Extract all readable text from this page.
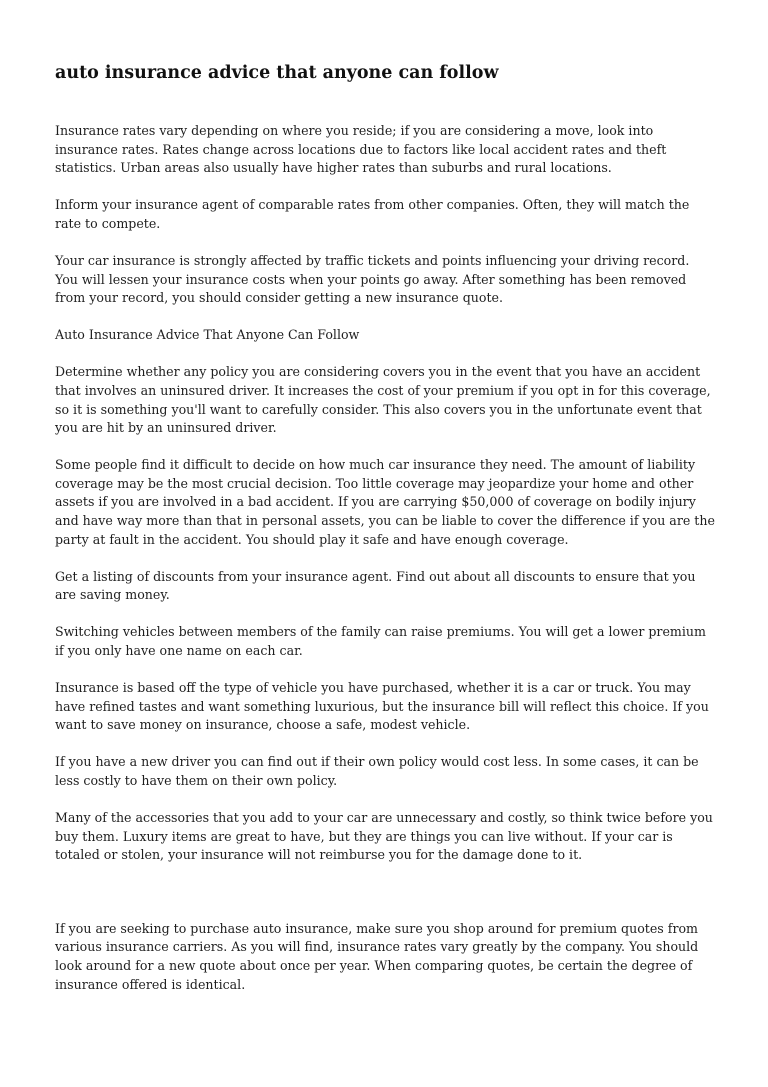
auto insurance advice that anyone can follow

Insurance rates vary depending on where you reside; if you are considering a move, look into insurance rates. Rates change across locations due to factors like local accident rates and theft statistics. Urban areas also usually have higher rates than suburbs and rural locations.

Inform your insurance agent of comparable rates from other companies. Often, they will match the rate to compete.

Your car insurance is strongly affected by traffic tickets and points influencing your driving record. You will lessen your insurance costs when your points go away. After something has been removed from your record, you should consider getting a new insurance quote.

Auto Insurance Advice That Anyone Can Follow

Determine whether any policy you are considering covers you in the event that you have an accident that involves an uninsured driver. It increases the cost of your premium if you opt in for this coverage, so it is something you'll want to carefully consider. This also covers you in the unfortunate event that you are hit by an uninsured driver.

Some people find it difficult to decide on how much car insurance they need. The amount of liability coverage may be the most crucial decision. Too little coverage may jeopardize your home and other assets if you are involved in a bad accident. If you are carrying $50,000 of coverage on bodily injury and have way more than that in personal assets, you can be liable to cover the difference if you are the party at fault in the accident. You should play it safe and have enough coverage.

Get a listing of discounts from your insurance agent. Find out about all discounts to ensure that you are saving money.

Switching vehicles between members of the family can raise premiums. You will get a lower premium if you only have one name on each car.

Insurance is based off the type of vehicle you have purchased, whether it is a car or truck. You may have refined tastes and want something luxurious, but the insurance bill will reflect this choice. If you want to save money on insurance, choose a safe, modest vehicle.

If you have a new driver you can find out if their own policy would cost less. In some cases, it can be less costly to have them on their own policy.

Many of the accessories that you add to your car are unnecessary and costly, so think twice before you buy them. Luxury items are great to have, but they are things you can live without. If your car is totaled or stolen, your insurance will not reimburse you for the damage done to it.

If you are seeking to purchase auto insurance, make sure you shop around for premium quotes from various insurance carriers. As you will find, insurance rates vary greatly by the company. You should look around for a new quote about once per year. When comparing quotes, be certain the degree of insurance offered is identical.
